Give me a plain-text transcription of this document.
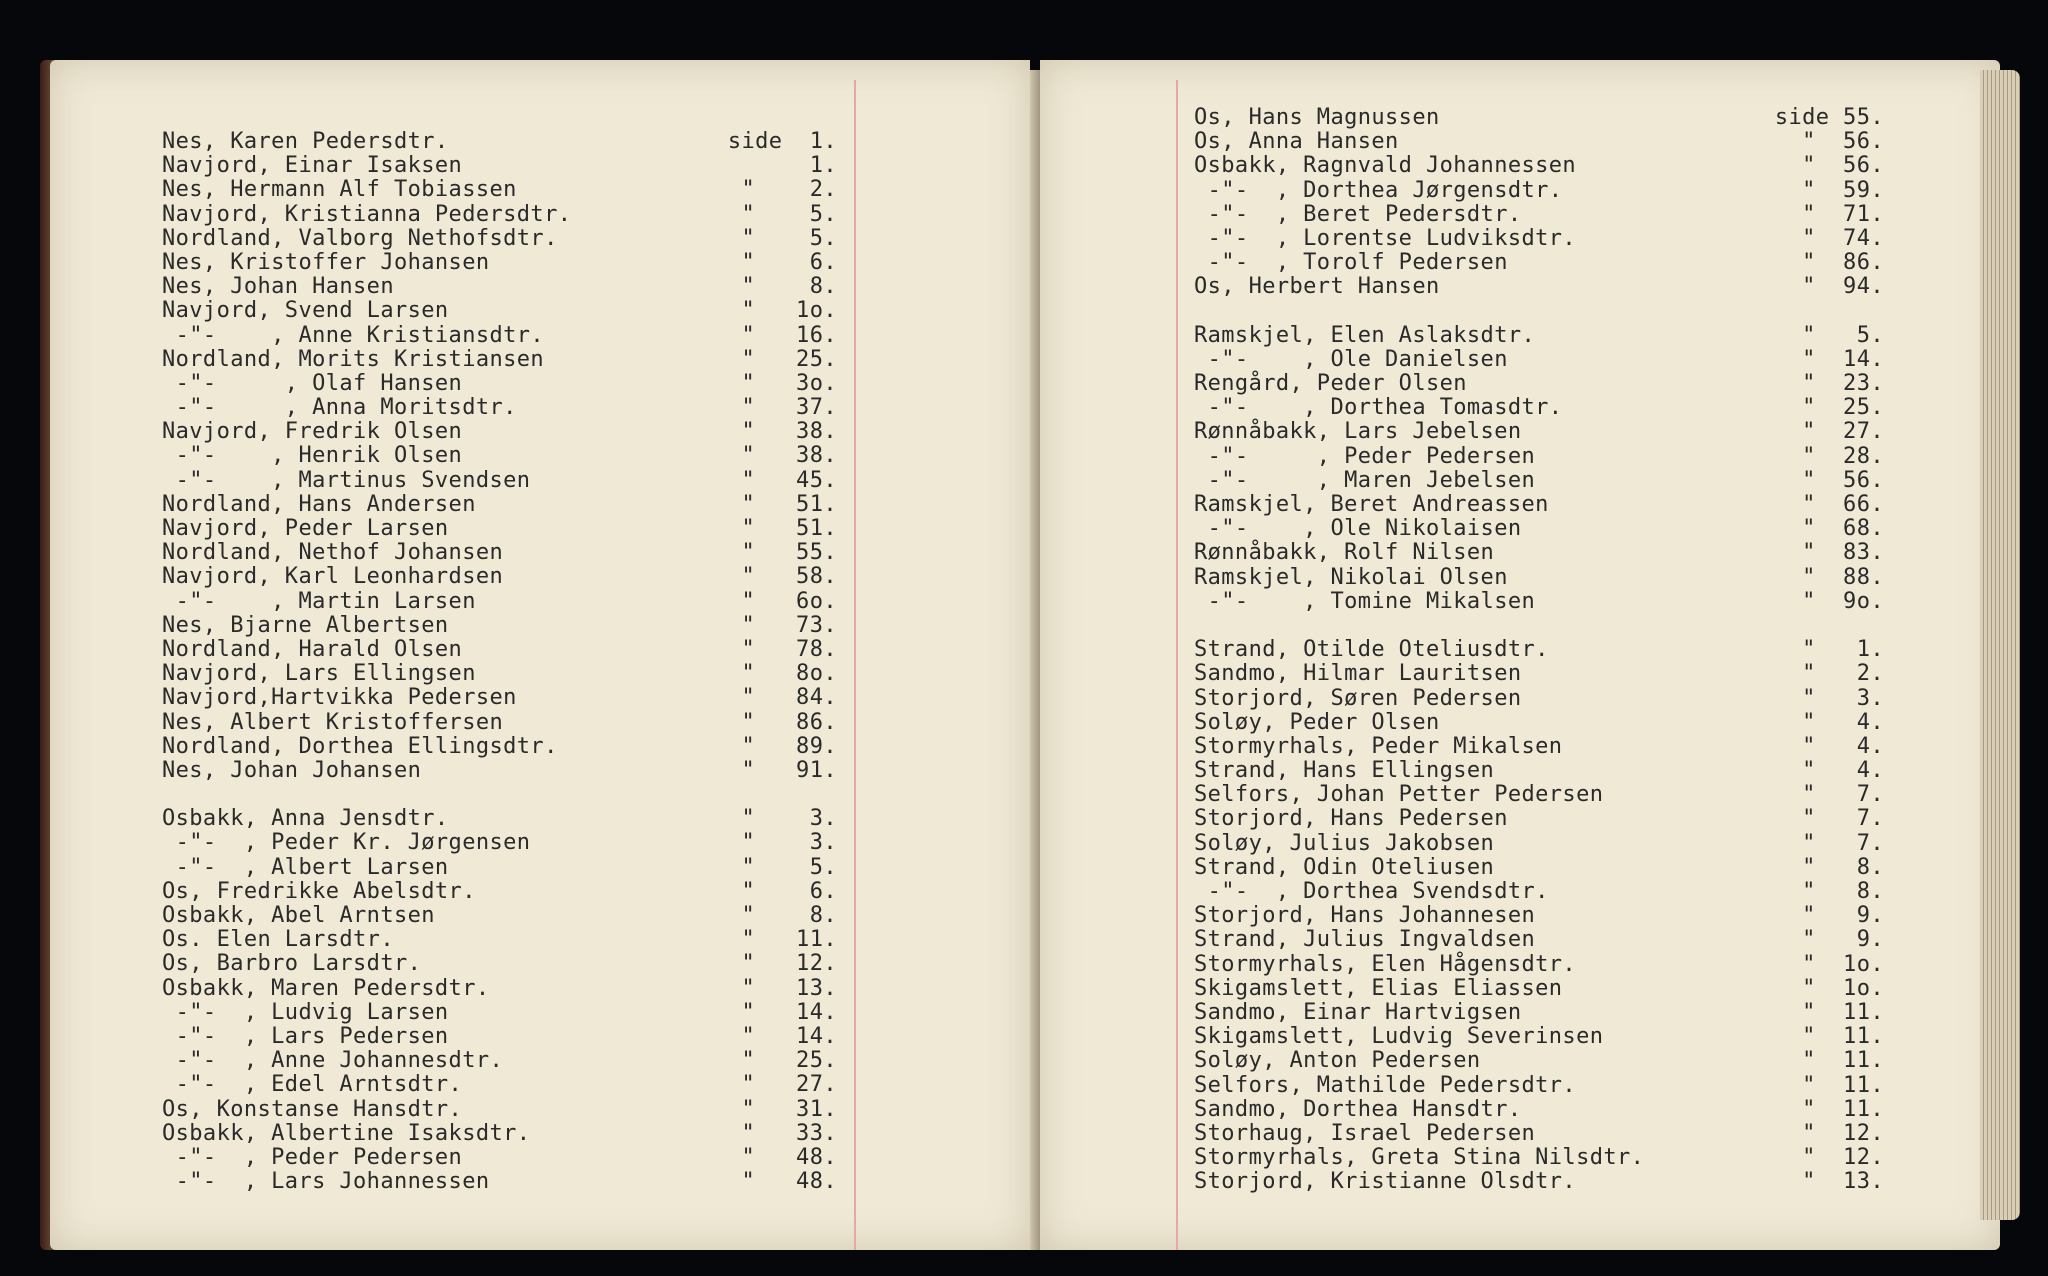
Nes, Karen Pedersdtr.	side  1.
Navjord, Einar Isaksen	1.
Nes, Hermann Alf Tobiassen	"    2.
Navjord, Kristianna Pedersdtr.	"    5.
Nordland, Valborg Nethofsdtr.	"    5.
Nes, Kristoffer Johansen	"    6.
Nes, Johan Hansen	"    8.
Navjord, Svend Larsen	"   1o.
-"-    , Anne Kristiansdtr.	"   16.
Nordland, Morits Kristiansen	"   25.
-"-     , Olaf Hansen	"   3o.
-"-     , Anna Moritsdtr.	"   37.
Navjord, Fredrik Olsen	"   38.
-"-    , Henrik Olsen	"   38.
-"-    , Martinus Svendsen	"   45.
Nordland, Hans Andersen	"   51.
Navjord, Peder Larsen	"   51.
Nordland, Nethof Johansen	"   55.
Navjord, Karl Leonhardsen	"   58.
-"-    , Martin Larsen	"   6o.
Nes, Bjarne Albertsen	"   73.
Nordland, Harald Olsen	"   78.
Navjord, Lars Ellingsen	"   8o.
Navjord,Hartvikka Pedersen	"   84.
Nes, Albert Kristoffersen	"   86.
Nordland, Dorthea Ellingsdtr.	"   89.
Nes, Johan Johansen	"   91.
Osbakk, Anna Jensdtr.	"    3.
-"-  , Peder Kr. Jørgensen	"    3.
-"-  , Albert Larsen	"    5.
Os, Fredrikke Abelsdtr.	"    6.
Osbakk, Abel Arntsen	"    8.
Os. Elen Larsdtr.	"   11.
Os, Barbro Larsdtr.	"   12.
Osbakk, Maren Pedersdtr.	"   13.
-"-  , Ludvig Larsen	"   14.
-"-  , Lars Pedersen	"   14.
-"-  , Anne Johannesdtr.	"   25.
-"-  , Edel Arntsdtr.	"   27.
Os, Konstanse Hansdtr.	"   31.
Osbakk, Albertine Isaksdtr.	"   33.
-"-  , Peder Pedersen	"   48.
-"-  , Lars Johannessen	"   48.
Os, Hans Magnussen	side 55.
Os, Anna Hansen	"  56.
Osbakk, Ragnvald Johannessen	"  56.
-"-  , Dorthea Jørgensdtr.	"  59.
-"-  , Beret Pedersdtr.	"  71.
-"-  , Lorentse Ludviksdtr.	"  74.
-"-  , Torolf Pedersen	"  86.
Os, Herbert Hansen	"  94.
Ramskjel, Elen Aslaksdtr.	"   5.
-"-    , Ole Danielsen	"  14.
Rengård, Peder Olsen	"  23.
-"-    , Dorthea Tomasdtr.	"  25.
Rønnåbakk, Lars Jebelsen	"  27.
-"-     , Peder Pedersen	"  28.
-"-     , Maren Jebelsen	"  56.
Ramskjel, Beret Andreassen	"  66.
-"-    , Ole Nikolaisen	"  68.
Rønnåbakk, Rolf Nilsen	"  83.
Ramskjel, Nikolai Olsen	"  88.
-"-    , Tomine Mikalsen	"  9o.
Strand, Otilde Oteliusdtr.	"   1.
Sandmo, Hilmar Lauritsen	"   2.
Storjord, Søren Pedersen	"   3.
Soløy, Peder Olsen	"   4.
Stormyrhals, Peder Mikalsen	"   4.
Strand, Hans Ellingsen	"   4.
Selfors, Johan Petter Pedersen	"   7.
Storjord, Hans Pedersen	"   7.
Soløy, Julius Jakobsen	"   7.
Strand, Odin Oteliusen	"   8.
-"-  , Dorthea Svendsdtr.	"   8.
Storjord, Hans Johannesen	"   9.
Strand, Julius Ingvaldsen	"   9.
Stormyrhals, Elen Hågensdtr.	"  1o.
Skigamslett, Elias Eliassen	"  1o.
Sandmo, Einar Hartvigsen	"  11.
Skigamslett, Ludvig Severinsen	"  11.
Soløy, Anton Pedersen	"  11.
Selfors, Mathilde Pedersdtr.	"  11.
Sandmo, Dorthea Hansdtr.	"  11.
Storhaug, Israel Pedersen	"  12.
Stormyrhals, Greta Stina Nilsdtr.	"  12.
Storjord, Kristianne Olsdtr.	"  13.
